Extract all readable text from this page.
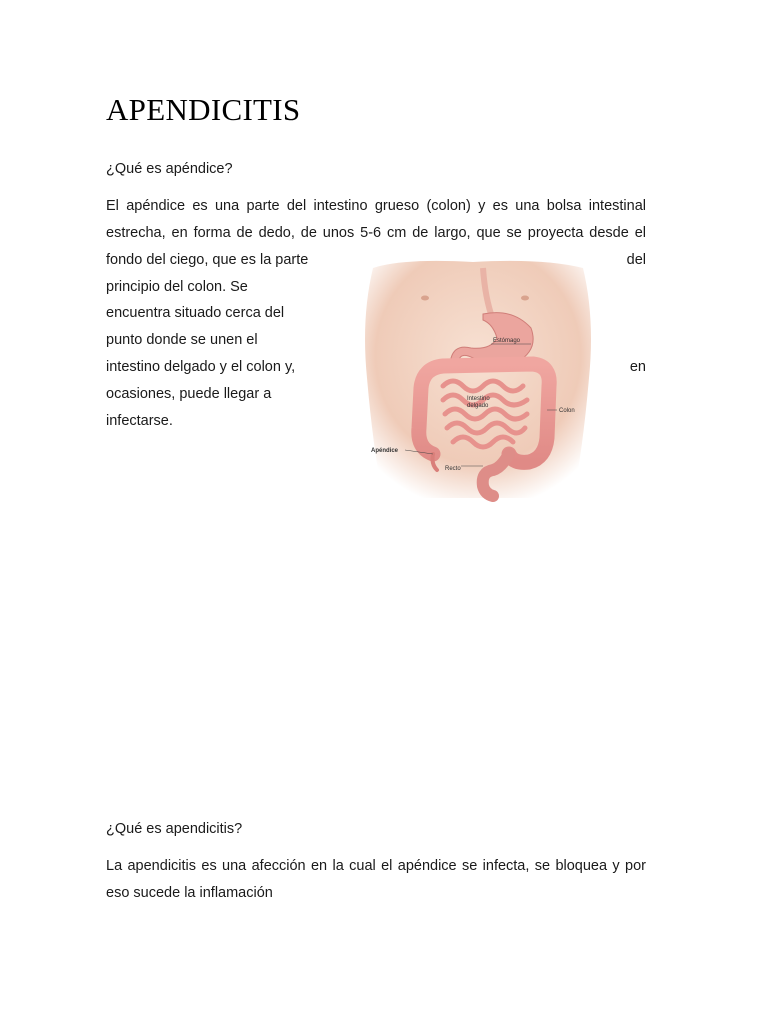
APENDICITIS
¿Qué es apéndice?
El apéndice es una parte del intestino grueso (colon) y es una bolsa intestinal
estrecha, en forma de dedo, de unos 5-6 cm de largo, que se proyecta desde el
fondo del ciego, que es la parte	del
principio del colon. Se
encuentra situado cerca del
punto donde se unen el
intestino delgado y el colon y,	en
ocasiones, puede llegar a
infectarse.
Estómago
Intestino
delgado
Colon
Apéndice
Recto
¿Qué es apendicitis?
La apendicitis es una afección en la cual el apéndice se infecta, se bloquea y por
eso sucede la inflamación
